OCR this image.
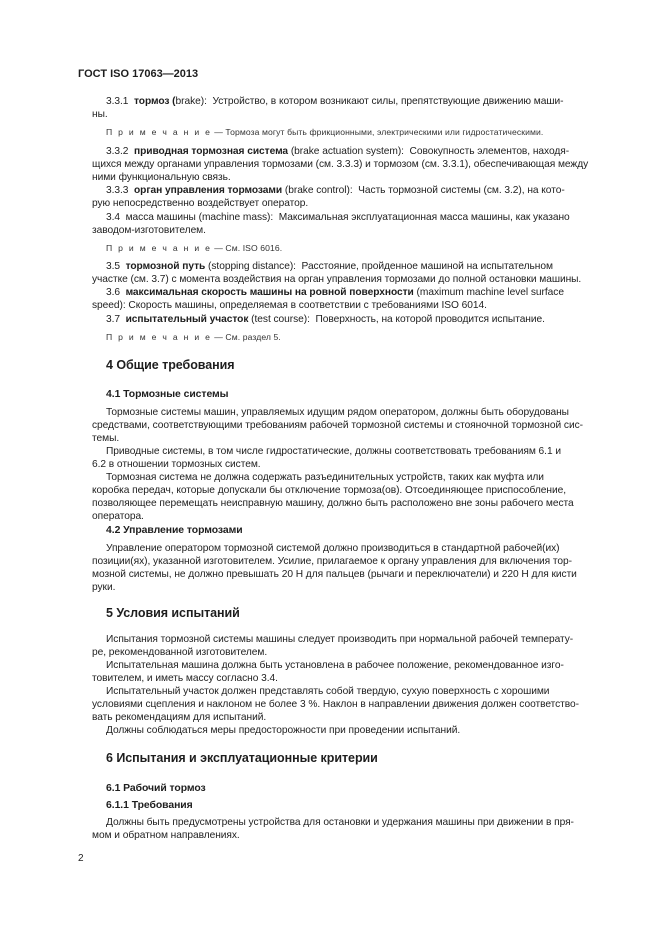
ГОСТ ISO 17063—2013
3.3.1 тормоз (brake): Устройство, в котором возникают силы, препятствующие движению маши-
ны.
П р и м е ч а н и е — Тормоза могут быть фрикционными, электрическими или гидростатическими.
3.3.2 приводная тормозная система (brake actuation system): Совокупность элементов, находя-
щихся между органами управления тормозами (см. 3.3.3) и тормозом (см. 3.3.1), обеспечивающая между
ними функциональную связь.
3.3.3 орган управления тормозами (brake control): Часть тормозной системы (см. 3.2), на кото-
рую непосредственно воздействует оператор.
3.4 масса машины (machine mass): Максимальная эксплуатационная масса машины, как указано
заводом-изготовителем.
П р и м е ч а н и е — См. ISO 6016.
3.5 тормозной путь (stopping distance): Расстояние, пройденное машиной на испытательном
участке (см. 3.7) с момента воздействия на орган управления тормозами до полной остановки машины.
3.6 максимальная скорость машины на ровной поверхности (maximum machine level surface
speed): Скорость машины, определяемая в соответствии с требованиями ISO 6014.
3.7 испытательный участок (test course): Поверхность, на которой проводится испытание.
П р и м е ч а н и е — См. раздел 5.
4 Общие требования
4.1 Тормозные системы
Тормозные системы машин, управляемых идущим рядом оператором, должны быть оборудованы
средствами, соответствующими требованиям рабочей тормозной системы и стояночной тормозной сис-
темы.
Приводные системы, в том числе гидростатические, должны соответствовать требованиям 6.1 и
6.2 в отношении тормозных систем.
Тормозная система не должна содержать разъединительных устройств, таких как муфта или
коробка передач, которые допускали бы отключение тормоза(ов). Отсоединяющее приспособление,
позволяющее перемещать неисправную машину, должно быть расположено вне зоны рабочего места
оператора.
4.2 Управление тормозами
Управление оператором тормозной системой должно производиться в стандартной рабочей(их)
позиции(ях), указанной изготовителем. Усилие, прилагаемое к органу управления для включения тор-
мозной системы, не должно превышать 20 Н для пальцев (рычаги и переключатели) и 220 Н для кисти
руки.
5 Условия испытаний
Испытания тормозной системы машины следует производить при нормальной рабочей температу-
ре, рекомендованной изготовителем.
Испытательная машина должна быть установлена в рабочее положение, рекомендованное изго-
товителем, и иметь массу согласно 3.4.
Испытательный участок должен представлять собой твердую, сухую поверхность с хорошими
условиями сцепления и наклоном не более 3 %. Наклон в направлении движения должен соответство-
вать рекомендациям для испытаний.
Должны соблюдаться меры предосторожности при проведении испытаний.
6 Испытания и эксплуатационные критерии
6.1 Рабочий тормоз
6.1.1 Требования
Должны быть предусмотрены устройства для остановки и удержания машины при движении в пря-
мом и обратном направлениях.
2
